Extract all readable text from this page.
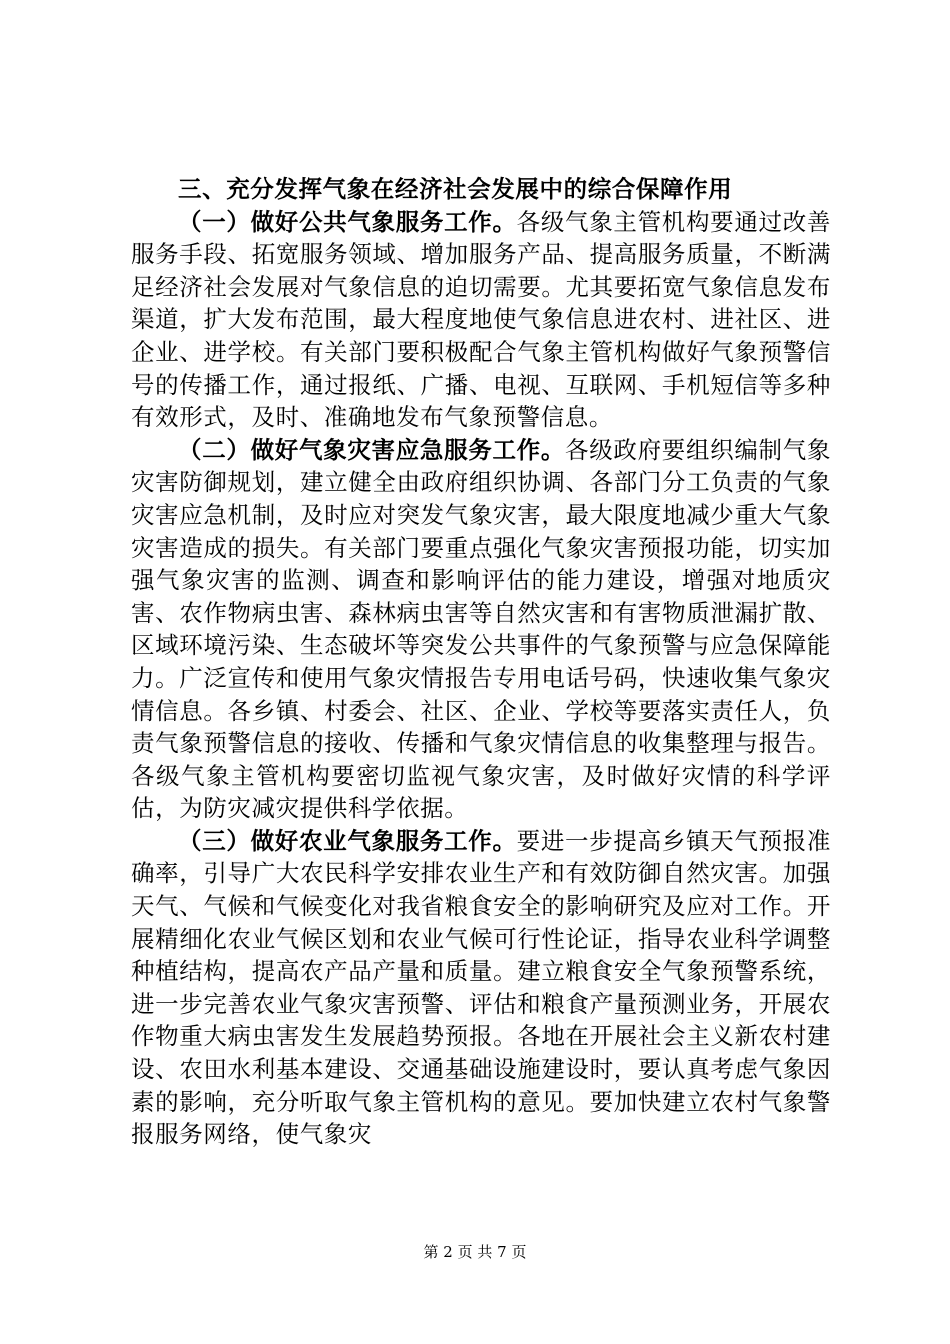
三、充分发挥气象在经济社会发展中的综合保障作用

（一）做好公共气象服务工作。各级气象主管机构要通过改善服务手段、拓宽服务领域、增加服务产品、提高服务质量，不断满足经济社会发展对气象信息的迫切需要。尤其要拓宽气象信息发布渠道，扩大发布范围，最大程度地使气象信息进农村、进社区、进企业、进学校。有关部门要积极配合气象主管机构做好气象预警信号的传播工作，通过报纸、广播、电视、互联网、手机短信等多种有效形式，及时、准确地发布气象预警信息。

（二）做好气象灾害应急服务工作。各级政府要组织编制气象灾害防御规划，建立健全由政府组织协调、各部门分工负责的气象灾害应急机制，及时应对突发气象灾害，最大限度地减少重大气象灾害造成的损失。有关部门要重点强化气象灾害预报功能，切实加强气象灾害的监测、调查和影响评估的能力建设，增强对地质灾害、农作物病虫害、森林病虫害等自然灾害和有害物质泄漏扩散、区域环境污染、生态破坏等突发公共事件的气象预警与应急保障能力。广泛宣传和使用气象灾情报告专用电话号码，快速收集气象灾情信息。各乡镇、村委会、社区、企业、学校等要落实责任人，负责气象预警信息的接收、传播和气象灾情信息的收集整理与报告。各级气象主管机构要密切监视气象灾害，及时做好灾情的科学评估，为防灾减灾提供科学依据。

（三）做好农业气象服务工作。要进一步提高乡镇天气预报准确率，引导广大农民科学安排农业生产和有效防御自然灾害。加强天气、气候和气候变化对我省粮食安全的影响研究及应对工作。开展精细化农业气候区划和农业气候可行性论证，指导农业科学调整种植结构，提高农产品产量和质量。建立粮食安全气象预警系统，进一步完善农业气象灾害预警、评估和粮食产量预测业务，开展农作物重大病虫害发生发展趋势预报。各地在开展社会主义新农村建设、农田水利基本建设、交通基础设施建设时，要认真考虑气象因素的影响，充分听取气象主管机构的意见。要加快建立农村气象警报服务网络，使气象灾

第 2 页 共 7 页
